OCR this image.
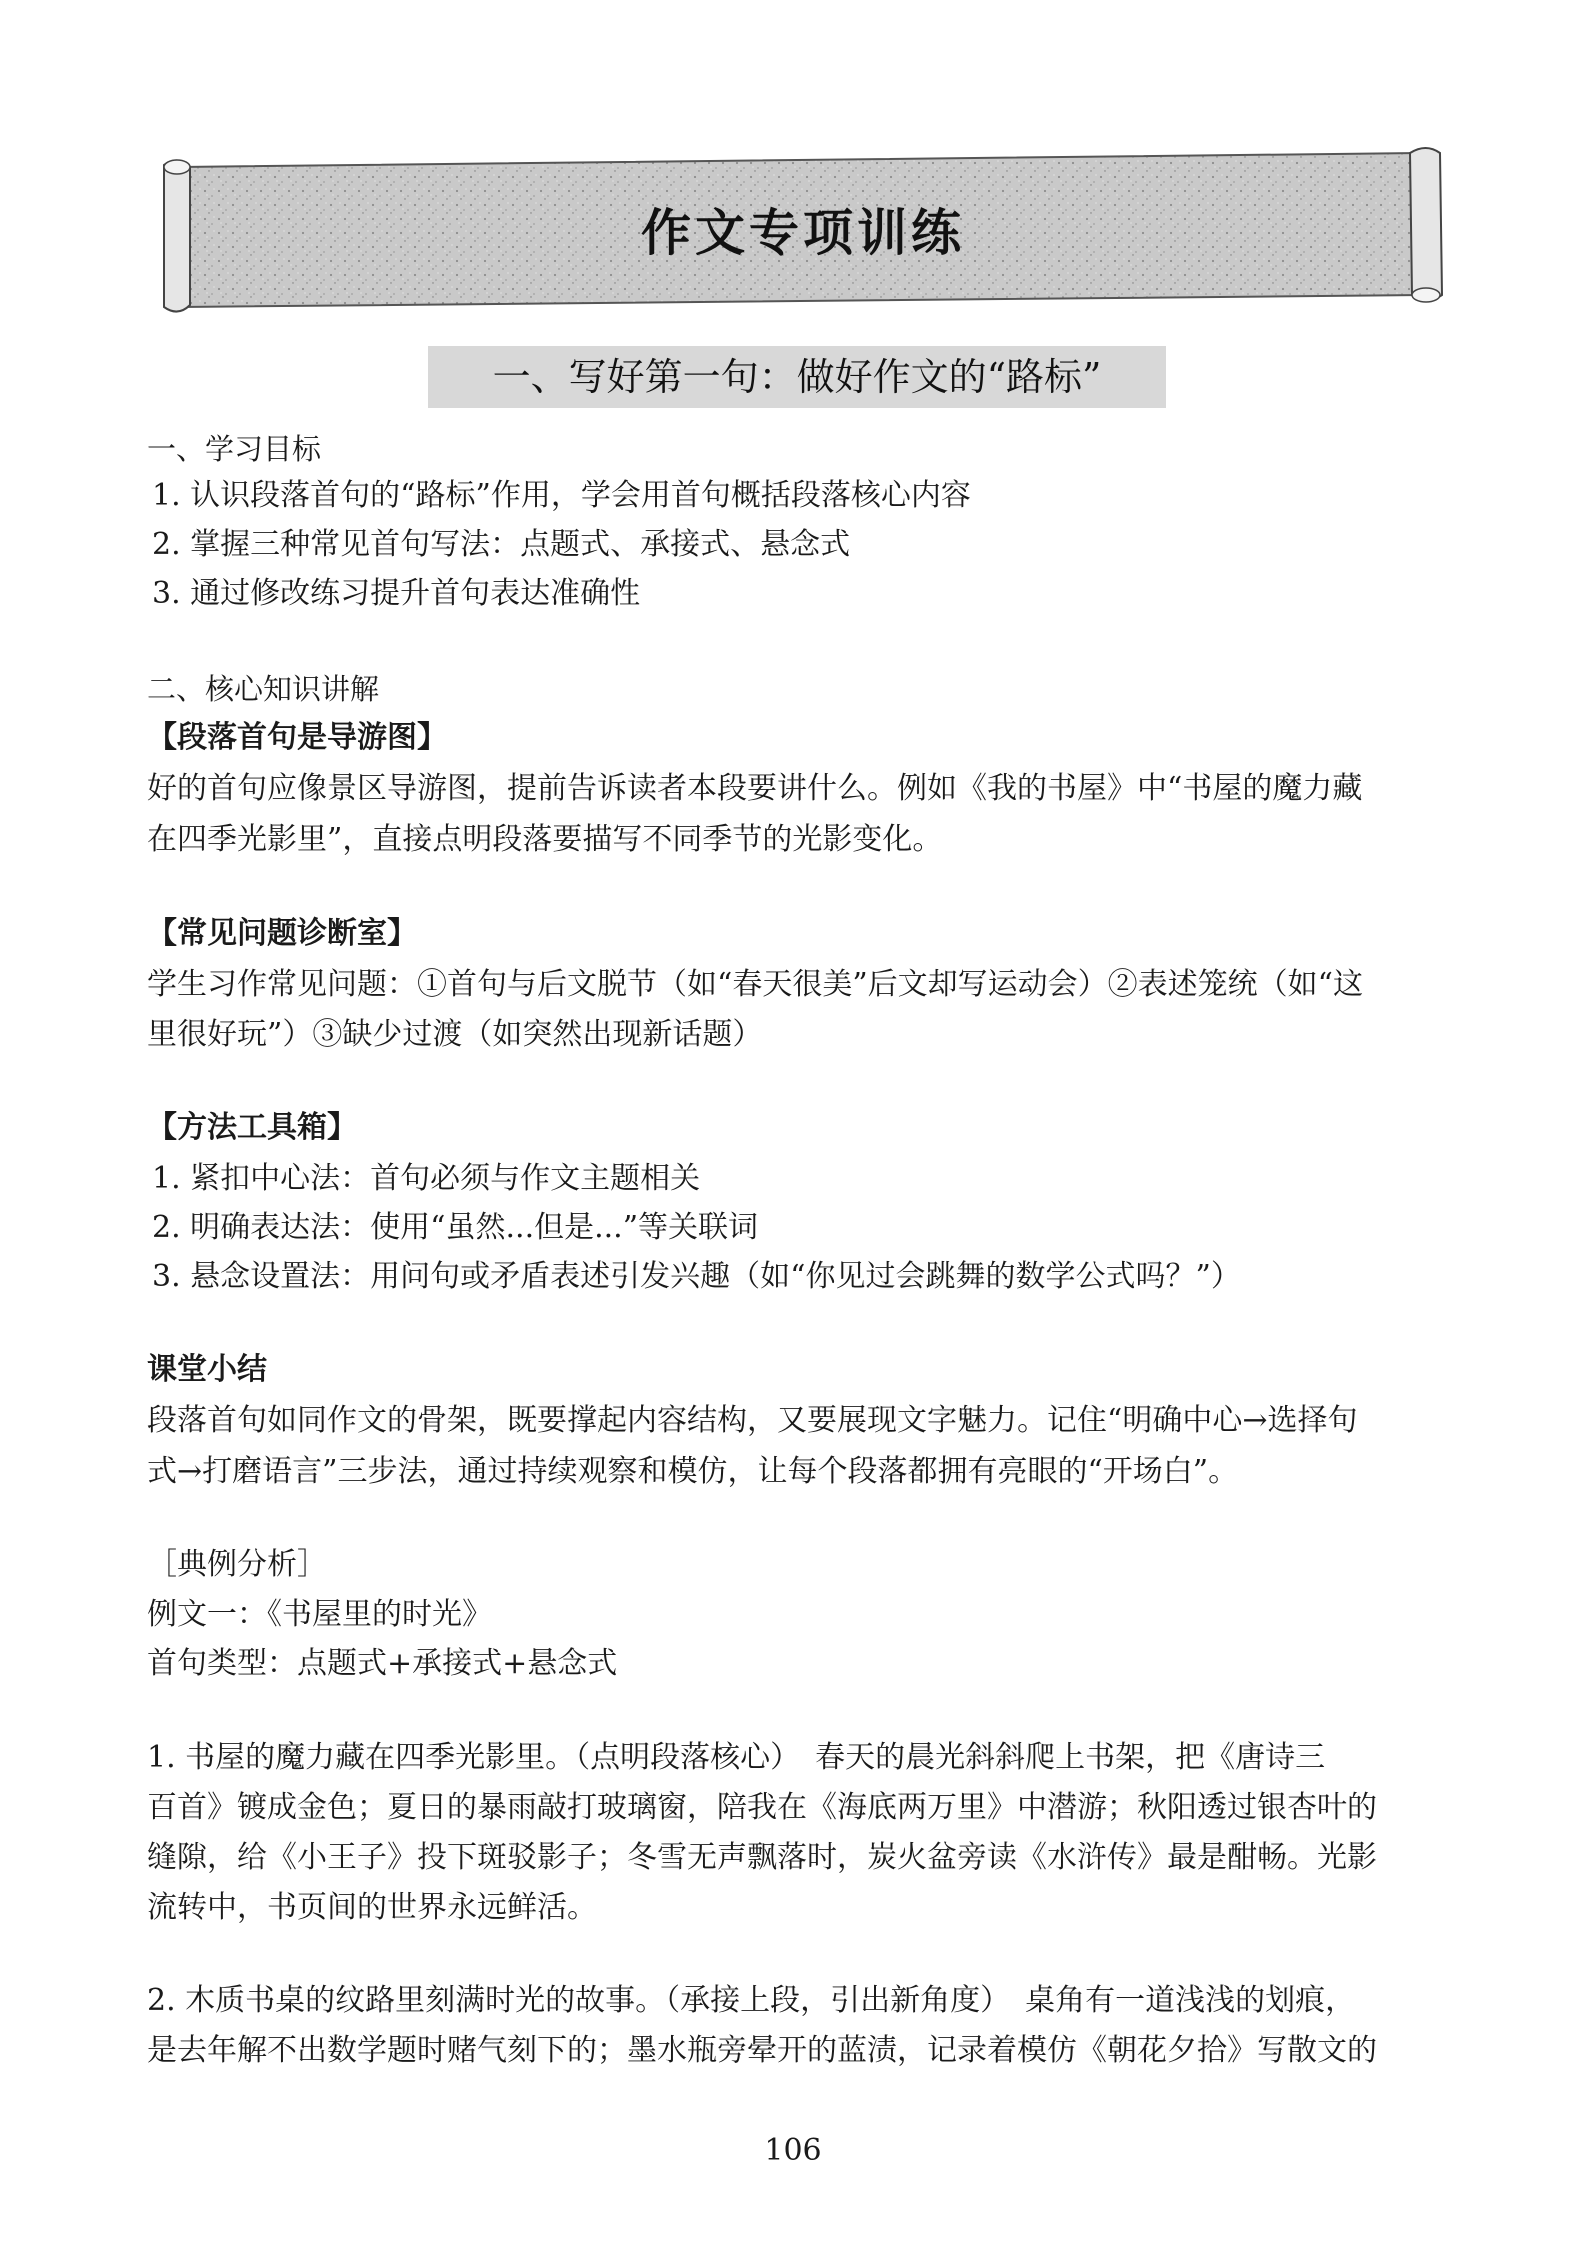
作文专项训练
一、写好第一句：做好作文的“路标”
一、学习目标
1. 认识段落首句的“路标”作用，学会用首句概括段落核心内容
2. 掌握三种常见首句写法：点题式、承接式、悬念式
3. 通过修改练习提升首句表达准确性
二、核心知识讲解
【段落首句是导游图】
好的首句应像景区导游图，提前告诉读者本段要讲什么。例如《我的书屋》中“书屋的魔力藏
在四季光影里”，直接点明段落要描写不同季节的光影变化。
【常见问题诊断室】
学生习作常见问题：①首句与后文脱节（如“春天很美”后文却写运动会）②表述笼统（如“这
里很好玩”）③缺少过渡（如突然出现新话题）
【方法工具箱】
1. 紧扣中心法：首句必须与作文主题相关
2. 明确表达法：使用“虽然...但是...”等关联词
3. 悬念设置法：用问句或矛盾表述引发兴趣（如“你见过会跳舞的数学公式吗？”）
课堂小结
段落首句如同作文的骨架，既要撑起内容结构，又要展现文字魅力。记住“明确中心→选择句
式→打磨语言”三步法，通过持续观察和模仿，让每个段落都拥有亮眼的“开场白”。
［典例分析］
例文一：《书屋里的时光》
首句类型：点题式+承接式+悬念式
1. 书屋的魔力藏在四季光影里。（点明段落核心）　春天的晨光斜斜爬上书架，把《唐诗三
百首》镀成金色；夏日的暴雨敲打玻璃窗，陪我在《海底两万里》中潜游；秋阳透过银杏叶的
缝隙，给《小王子》投下斑驳影子；冬雪无声飘落时，炭火盆旁读《水浒传》最是酣畅。光影
流转中，书页间的世界永远鲜活。
2. 木质书桌的纹路里刻满时光的故事。（承接上段，引出新角度）　桌角有一道浅浅的划痕，
是去年解不出数学题时赌气刻下的；墨水瓶旁晕开的蓝渍，记录着模仿《朝花夕拾》写散文的
106
